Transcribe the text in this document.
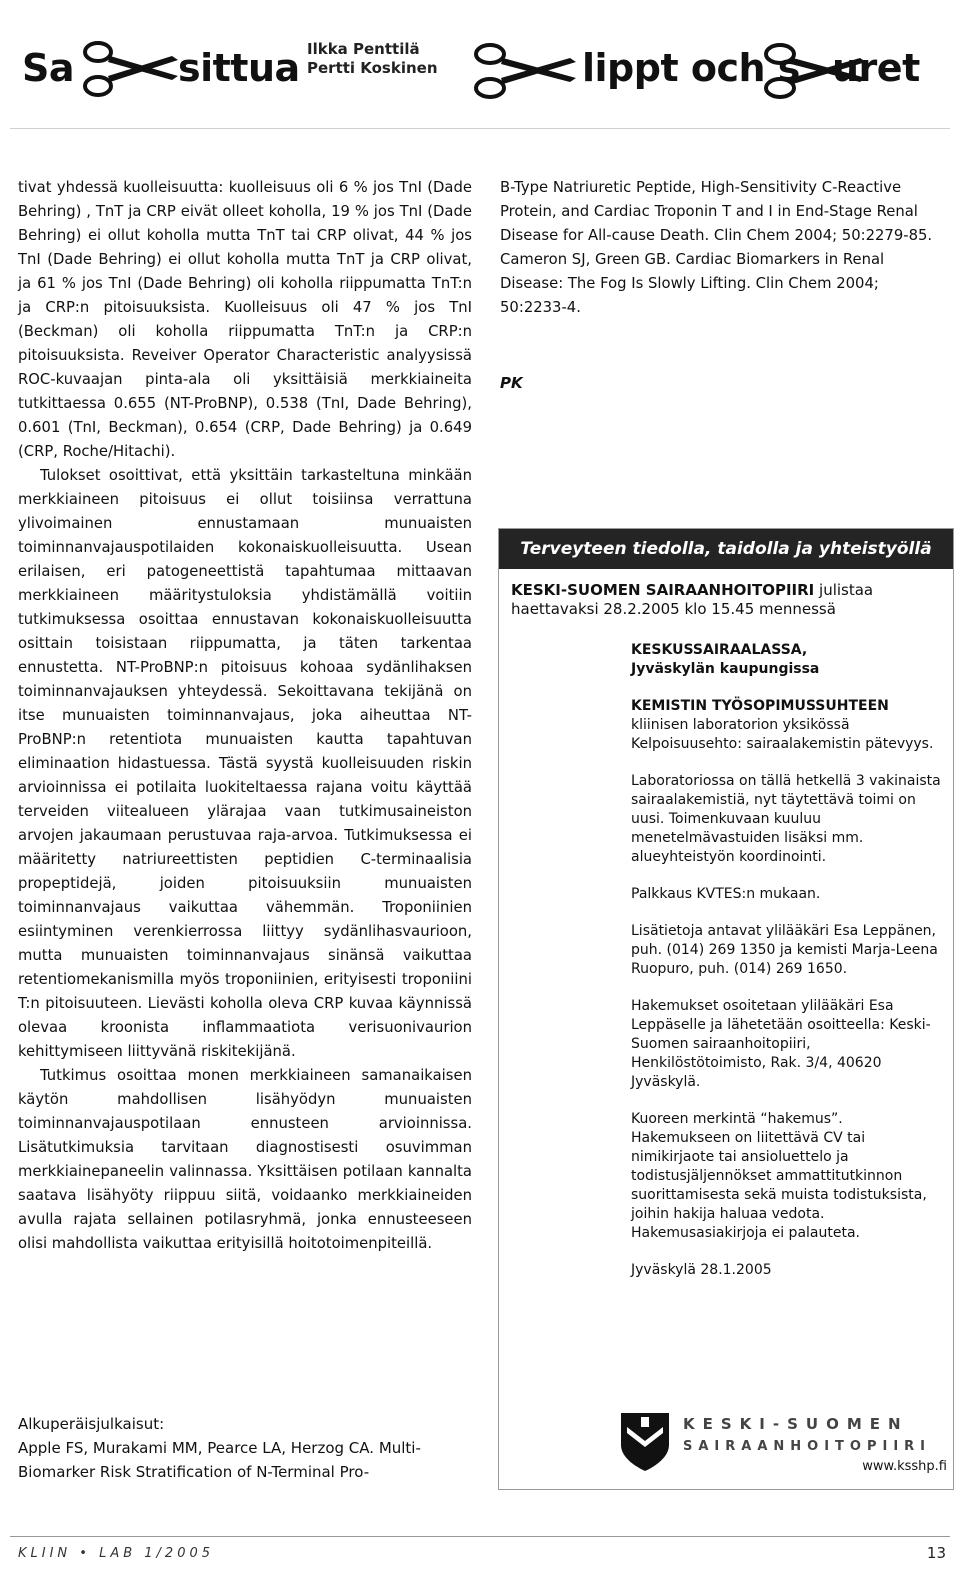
Sa	sittua Ilkka Penttilä
Pertti Koskinen	lippt och s uret

tivat yhdessä kuolleisuutta: kuolleisuus oli 6 % jos TnI (Dade Behring) , TnT ja CRP eivät olleet koholla, 19 % jos TnI (Dade Behring) ei ollut koholla mutta TnT tai CRP olivat, 44 % jos TnI (Dade Behring) ei ollut koholla mutta TnT ja CRP olivat, ja 61 % jos TnI (Dade Behring) oli koholla riippumatta TnT:n ja CRP:n pitoisuuksista. Kuolleisuus oli 47 % jos TnI (Beckman) oli koholla riippumatta TnT:n ja CRP:n pitoisuuksista. Reveiver Operator Characteristic analyysissä ROC-kuvaajan pinta-ala oli yksittäisiä merkkiaineita tutkittaessa 0.655 (NT-ProBNP), 0.538 (TnI, Dade Behring), 0.601 (TnI, Beckman), 0.654 (CRP, Dade Behring) ja 0.649 (CRP, Roche/Hitachi).

Tulokset osoittivat, että yksittäin tarkasteltuna minkään merkkiaineen pitoisuus ei ollut toisiinsa verrattuna ylivoimainen ennustamaan munuaisten toiminnanvajauspotilaiden kokonaiskuolleisuutta. Usean erilaisen, eri patogeneettistä tapahtumaa mittaavan merkkiaineen määritystuloksia yhdistämällä voitiin tutkimuksessa osoittaa ennustavan kokonaiskuolleisuutta osittain toisistaan riippumatta, ja täten tarkentaa ennustetta. NT-ProBNP:n pitoisuus kohoaa sydänlihaksen toiminnanvajauksen yhteydessä. Sekoittavana tekijänä on itse munuaisten toiminnanvajaus, joka aiheuttaa NT-ProBNP:n retentiota munuaisten kautta tapahtuvan eliminaation hidastuessa. Tästä syystä kuolleisuuden riskin arvioinnissa ei potilaita luokiteltaessa rajana voitu käyttää terveiden viitealueen ylärajaa vaan tutkimusaineiston arvojen jakaumaan perustuvaa raja-arvoa. Tutkimuksessa ei määritetty natriureettisten peptidien C-terminaalisia propeptidejä, joiden pitoisuuksiin munuaisten toiminnanvajaus vaikuttaa vähemmän. Troponiinien esiintyminen verenkierrossa liittyy sydänlihasvaurioon, mutta munuaisten toiminnanvajaus sinänsä vaikuttaa retentiomekanismilla myös troponiinien, erityisesti troponiini T:n pitoisuuteen. Lievästi koholla oleva CRP kuvaa käynnissä olevaa kroonista inflammaatiota verisuonivaurion kehittymiseen liittyvänä riskitekijänä.

Tutkimus osoittaa monen merkkiaineen samanaikaisen käytön mahdollisen lisähyödyn munuaisten toiminnanvajauspotilaan ennusteen arvioinnissa. Lisätutkimuksia tarvitaan diagnostisesti osuvimman merkkiainepaneelin valinnassa. Yksittäisen potilaan kannalta saatava lisähyöty riippuu siitä, voidaanko merkkiaineiden avulla rajata sellainen potilasryhmä, jonka ennusteeseen olisi mahdollista vaikuttaa erityisillä hoitotoimenpiteillä.

B-Type Natriuretic Peptide, High-Sensitivity C-Reactive Protein, and Cardiac Troponin T and I in End-Stage Renal Disease for All-cause Death. Clin Chem 2004; 50:2279-85.

Cameron SJ, Green GB. Cardiac Biomarkers in Renal Disease: The Fog Is Slowly Lifting. Clin Chem 2004; 50:2233-4.

PK
Terveyteen tiedolla, taidolla ja yhteistyöllä
KESKI-SUOMEN SAIRAANHOITOPIIRI julistaa haettavaksi 28.2.2005 klo 15.45 mennessä

KESKUSSAIRAALASSA,
Jyväskylän kaupungissa

KEMISTIN TYÖSOPIMUSSUHTEEN
kliinisen laboratorion yksikössä
Kelpoisuusehto: sairaalakemistin pätevyys.

Laboratoriossa on tällä hetkellä 3 vakinaista sairaalakemistiä, nyt täytettävä toimi on uusi. Toimenkuvaan kuuluu menetelmävastuiden lisäksi mm. alueyhteistyön koordinointi.

Palkkaus KVTES:n mukaan.

Lisätietoja antavat ylilääkäri Esa Leppänen, puh. (014) 269 1350 ja kemisti Marja-Leena Ruopuro, puh. (014) 269 1650.

Hakemukset osoitetaan ylilääkäri Esa Leppäselle ja lähetetään osoitteella: Keski-Suomen sairaanhoitopiiri, Henkilöstötoimisto, Rak. 3/4, 40620 Jyväskylä.

Kuoreen merkintä “hakemus”. Hakemukseen on liitettävä CV tai nimikirjaote tai ansioluettelo ja todistusjäljennökset ammattitutkinnon suorittamisesta sekä muista todistuksista, joihin hakija haluaa vedota. Hakemusasiakirjoja ei palauteta.

Jyväskylä 28.1.2005

KESKI-SUOMEN
SAIRAANHOITOPIIRI
www.ksshp.fi

Alkuperäisjulkaisut:

Apple FS, Murakami MM, Pearce LA, Herzog CA. Multi-Biomarker Risk Stratification of N-Terminal Pro-

KLIIN • LAB 1/2005	13
